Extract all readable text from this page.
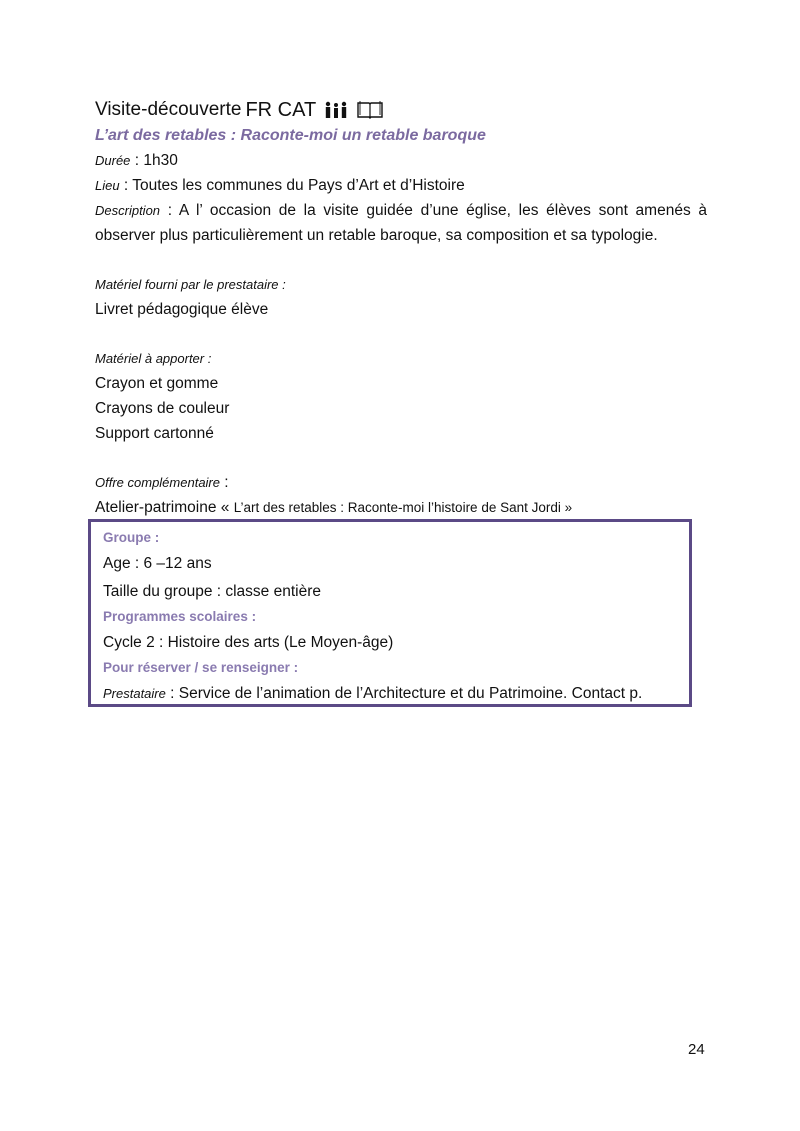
Visite-découverte FR CAT
L’art des retables : Raconte-moi un retable baroque
Durée : 1h30
Lieu : Toutes les communes du Pays d’Art et d’Histoire
Description : A l’ occasion de la visite guidée d’une église, les élèves sont amenés à observer plus particulièrement un retable baroque, sa composition et sa typologie.
Matériel fourni par le prestataire :
Livret pédagogique élève
Matériel à apporter :
Crayon et gomme
Crayons de couleur
Support cartonné
Offre complémentaire :
Atelier-patrimoine « L’art des retables : Raconte-moi l’histoire de Sant Jordi »
Groupe :
Age : 6 –12 ans
Taille du groupe : classe entière
Programmes scolaires :
Cycle 2 : Histoire des arts (Le Moyen-âge)
Pour réserver / se renseigner :
Prestataire : Service de l’animation de l’Architecture et du Patrimoine. Contact p.
24
